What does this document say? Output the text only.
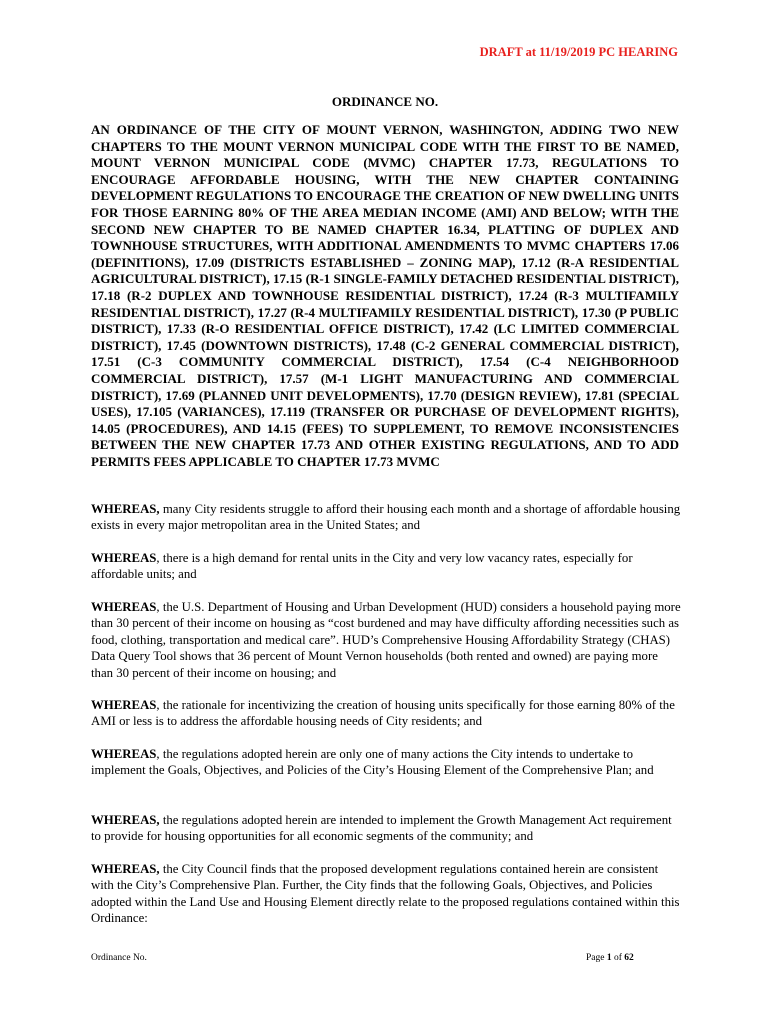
DRAFT at 11/19/2019 PC HEARING
ORDINANCE NO.

AN ORDINANCE OF THE CITY OF MOUNT VERNON, WASHINGTON, ADDING TWO NEW CHAPTERS TO THE MOUNT VERNON MUNICIPAL CODE WITH THE FIRST TO BE NAMED, MOUNT VERNON MUNICIPAL CODE (MVMC) CHAPTER 17.73, REGULATIONS TO ENCOURAGE AFFORDABLE HOUSING, WITH THE NEW CHAPTER CONTAINING DEVELOPMENT REGULATIONS TO ENCOURAGE THE CREATION OF NEW DWELLING UNITS FOR THOSE EARNING 80% OF THE AREA MEDIAN INCOME (AMI) AND BELOW; WITH THE SECOND NEW CHAPTER TO BE NAMED CHAPTER 16.34, PLATTING OF DUPLEX AND TOWNHOUSE STRUCTURES, WITH ADDITIONAL AMENDMENTS TO MVMC CHAPTERS 17.06 (DEFINITIONS), 17.09 (DISTRICTS ESTABLISHED – ZONING MAP), 17.12 (R-A RESIDENTIAL AGRICULTURAL DISTRICT), 17.15 (R-1 SINGLE-FAMILY DETACHED RESIDENTIAL DISTRICT), 17.18 (R-2 DUPLEX AND TOWNHOUSE RESIDENTIAL DISTRICT), 17.24 (R-3 MULTIFAMILY RESIDENTIAL DISTRICT), 17.27 (R-4 MULTIFAMILY RESIDENTIAL DISTRICT), 17.30 (P PUBLIC DISTRICT), 17.33 (R-O RESIDENTIAL OFFICE DISTRICT), 17.42 (LC LIMITED COMMERCIAL DISTRICT), 17.45 (DOWNTOWN DISTRICTS), 17.48 (C-2 GENERAL COMMERCIAL DISTRICT), 17.51 (C-3 COMMUNITY COMMERCIAL DISTRICT), 17.54 (C-4 NEIGHBORHOOD COMMERCIAL DISTRICT), 17.57 (M-1 LIGHT MANUFACTURING AND COMMERCIAL DISTRICT), 17.69 (PLANNED UNIT DEVELOPMENTS), 17.70 (DESIGN REVIEW), 17.81 (SPECIAL USES), 17.105 (VARIANCES), 17.119 (TRANSFER OR PURCHASE OF DEVELOPMENT RIGHTS), 14.05 (PROCEDURES), AND 14.15 (FEES) TO SUPPLEMENT, TO REMOVE INCONSISTENCIES BETWEEN THE NEW CHAPTER 17.73 AND OTHER EXISTING REGULATIONS, AND TO ADD PERMITS FEES APPLICABLE TO CHAPTER 17.73 MVMC

WHEREAS, many City residents struggle to afford their housing each month and a shortage of affordable housing exists in every major metropolitan area in the United States; and

WHEREAS, there is a high demand for rental units in the City and very low vacancy rates, especially for affordable units; and

WHEREAS, the U.S. Department of Housing and Urban Development (HUD) considers a household paying more than 30 percent of their income on housing as “cost burdened and may have difficulty affording necessities such as food, clothing, transportation and medical care”. HUD’s Comprehensive Housing Affordability Strategy (CHAS) Data Query Tool shows that 36 percent of Mount Vernon households (both rented and owned) are paying more than 30 percent of their income on housing; and

WHEREAS, the rationale for incentivizing the creation of housing units specifically for those earning 80% of the AMI or less is to address the affordable housing needs of City residents; and

WHEREAS, the regulations adopted herein are only one of many actions the City intends to undertake to implement the Goals, Objectives, and Policies of the City’s Housing Element of the Comprehensive Plan; and

WHEREAS, the regulations adopted herein are intended to implement the Growth Management Act requirement to provide for housing opportunities for all economic segments of the community; and

WHEREAS, the City Council finds that the proposed development regulations contained herein are consistent with the City’s Comprehensive Plan. Further, the City finds that the following Goals, Objectives, and Policies adopted within the Land Use and Housing Element directly relate to the proposed regulations contained within this Ordinance:

Ordinance No.	Page 1 of 62
